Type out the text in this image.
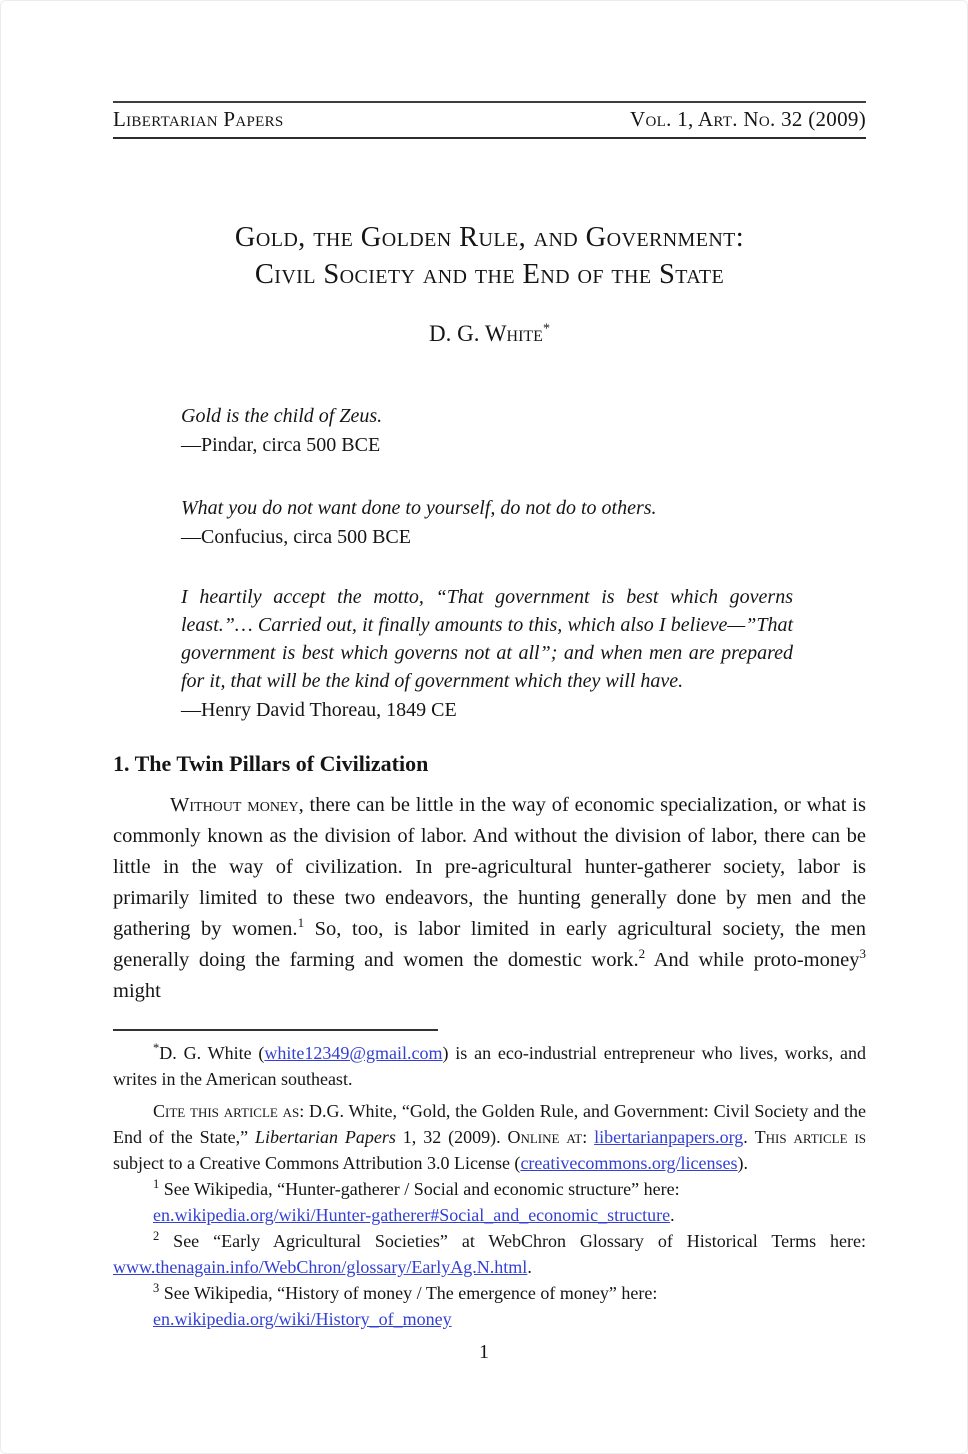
Libertarian Papers	Vol. 1, Art. No. 32 (2009)
Gold, the Golden Rule, and Government:
Civil Society and the End of the State
D. G. White*
Gold is the child of Zeus.
—Pindar, circa 500 BCE
What you do not want done to yourself, do not do to others.
—Confucius, circa 500 BCE
I heartily accept the motto, “That government is best which governs least.”… Carried out, it finally amounts to this, which also I believe—”That government is best which governs not at all”; and when men are prepared for it, that will be the kind of government which they will have.
—Henry David Thoreau, 1849 CE
1. The Twin Pillars of Civilization
Without money, there can be little in the way of economic specialization, or what is commonly known as the division of labor. And without the division of labor, there can be little in the way of civilization. In pre-agricultural hunter-gatherer society, labor is primarily limited to these two endeavors, the hunting generally done by men and the gathering by women.$^1$ So, too, is labor limited in early agricultural society, the men generally doing the farming and women the domestic work.$^2$ And while proto-money$^3$ might
*D. G. White (white12349@gmail.com) is an eco-industrial entrepreneur who lives, works, and writes in the American southeast.
Cite this article as: D.G. White, “Gold, the Golden Rule, and Government: Civil Society and the End of the State,” Libertarian Papers 1, 32 (2009). Online at: libertarianpapers.org. This article is subject to a Creative Commons Attribution 3.0 License (creativecommons.org/licenses).
$^1$ See Wikipedia, “Hunter-gatherer / Social and economic structure” here:
en.wikipedia.org/wiki/Hunter-gatherer#Social_and_economic_structure.
$^2$ See “Early Agricultural Societies” at WebChron Glossary of Historical Terms here:
www.thenagain.info/WebChron/glossary/EarlyAg.N.html.
$^3$ See Wikipedia, “History of money / The emergence of money” here:
en.wikipedia.org/wiki/History_of_money
1
